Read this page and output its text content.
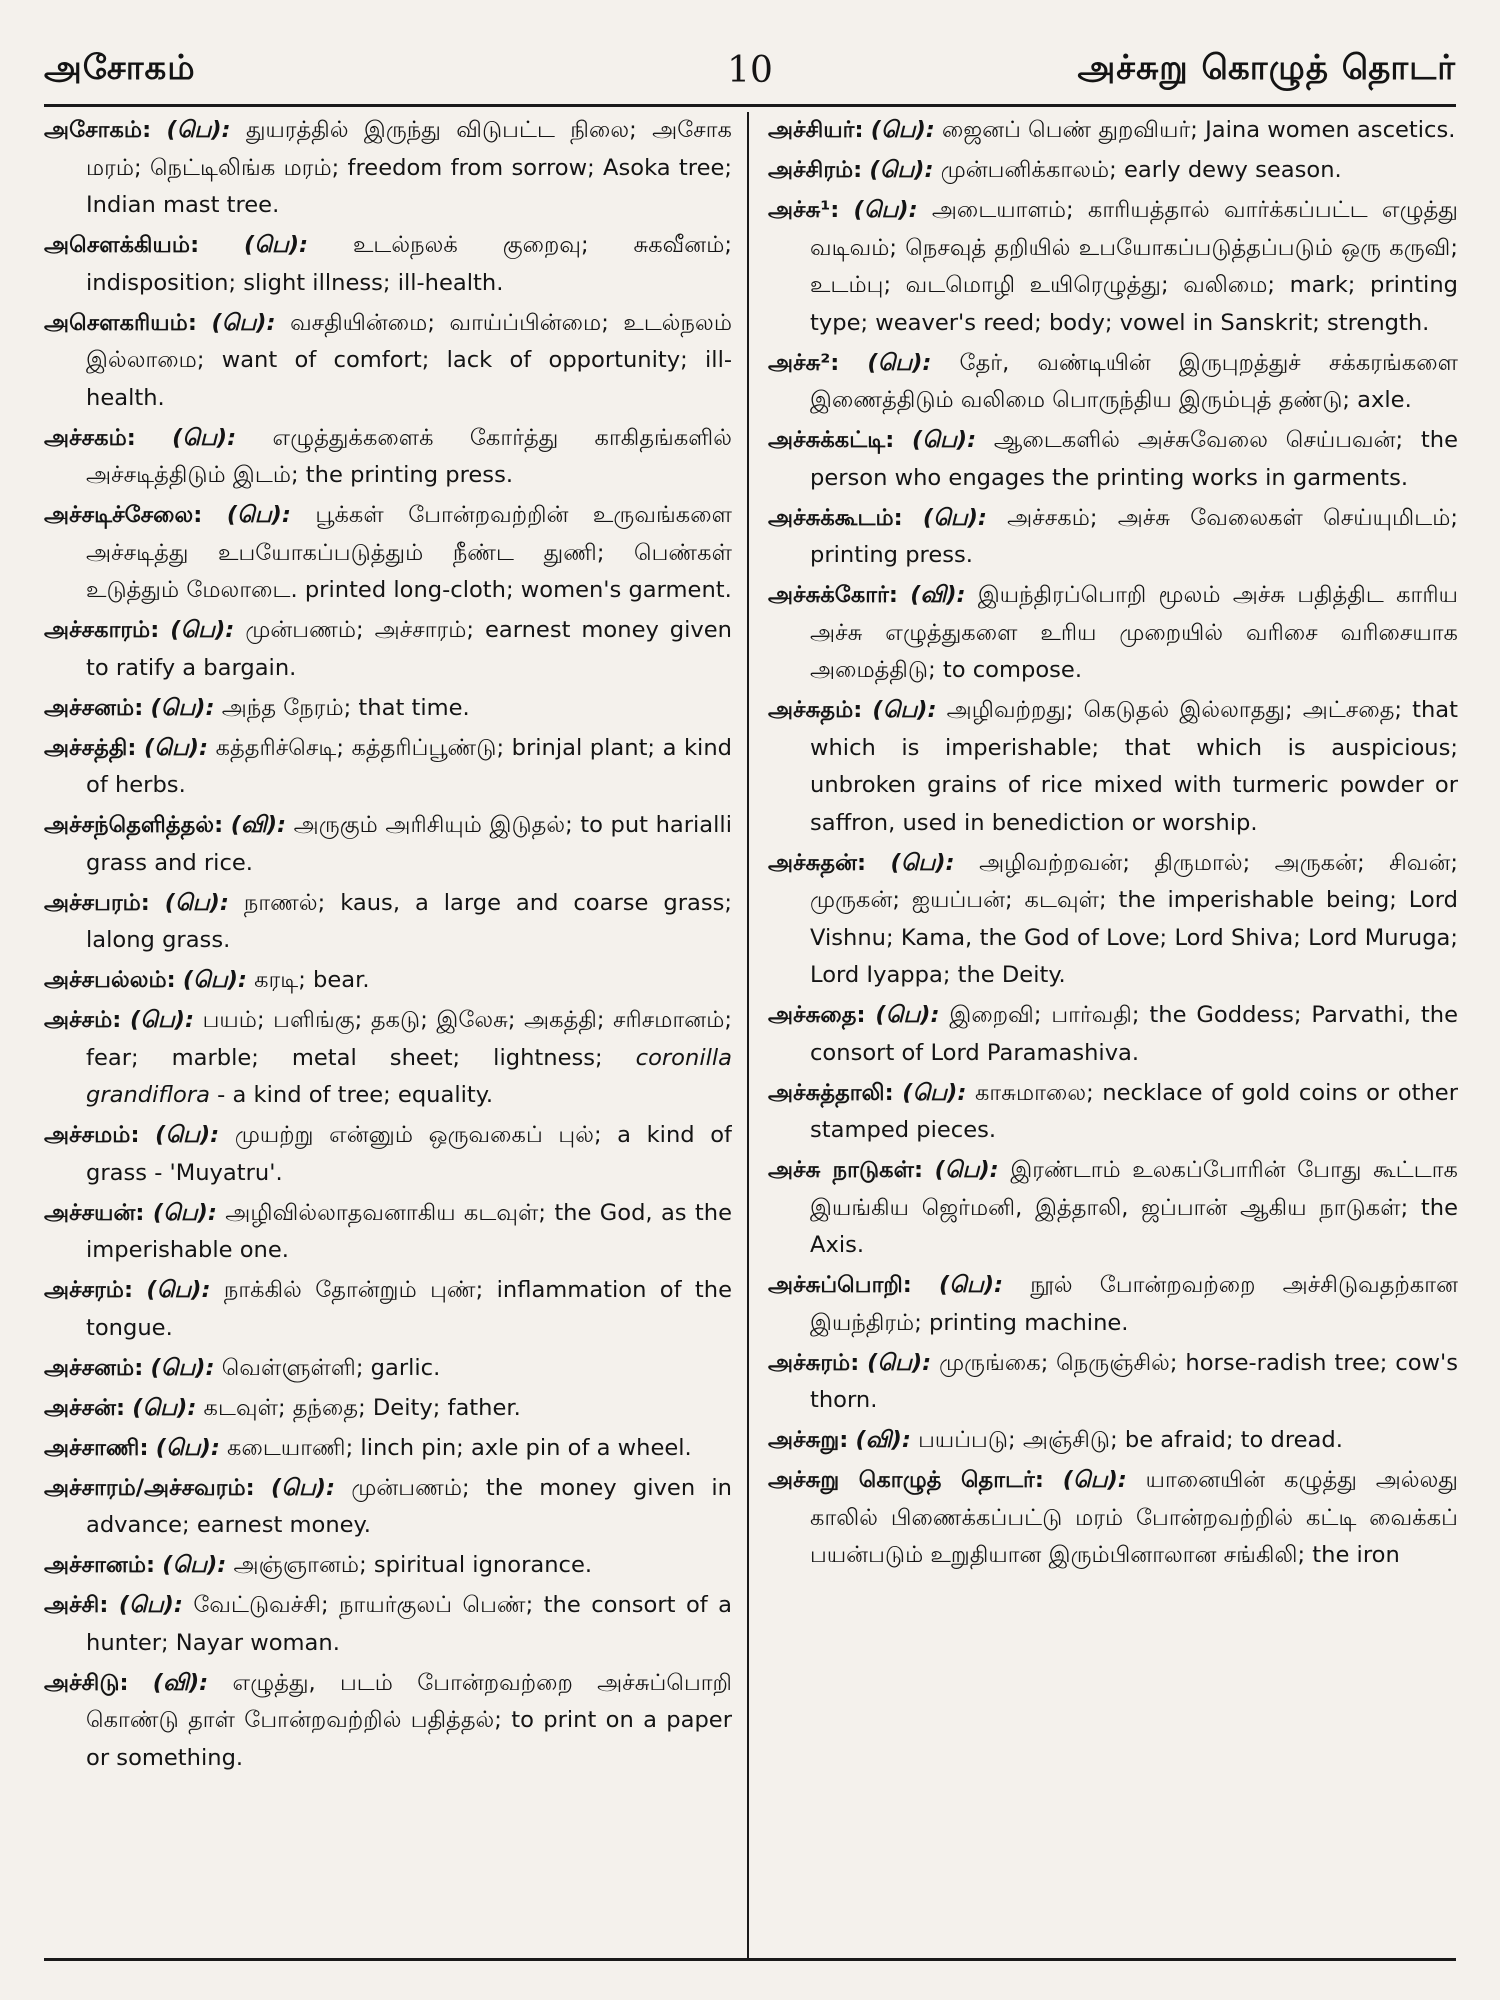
அசோகம்	10	அச்சுறு கொழுத் தொடர்

அசோகம்: (பெ): துயரத்தில் இருந்து விடுபட்ட நிலை; அசோக மரம்; நெட்டிலிங்க மரம்; freedom from sorrow; Asoka tree; Indian mast tree.

அசௌக்கியம்: (பெ): உடல்நலக் குறைவு; சுகவீனம்; indisposition; slight illness; ill-health.

அசௌகரியம்: (பெ): வசதியின்மை; வாய்ப்பின்மை; உடல்நலம் இல்லாமை; want of comfort; lack of opportunity; ill-health.

அச்சகம்: (பெ): எழுத்துக்களைக் கோர்த்து காகிதங்களில் அச்சடித்திடும் இடம்; the printing press.

அச்சடிச்சேலை: (பெ): பூக்கள் போன்றவற்றின் உருவங்களை அச்சடித்து உபயோகப்படுத்தும் நீண்ட துணி; பெண்கள் உடுத்தும் மேலாடை. printed long-cloth; women's garment.

அச்சகாரம்: (பெ): முன்பணம்; அச்சாரம்; earnest money given to ratify a bargain.

அச்சனம்: (பெ): அந்த நேரம்; that time.

அச்சத்தி: (பெ): கத்தரிச்செடி; கத்தரிப்பூண்டு; brinjal plant; a kind of herbs.

அச்சந்தெளித்தல்: (வி): அருகும் அரிசியும் இடுதல்; to put harialli grass and rice.

அச்சபரம்: (பெ): நாணல்; kaus, a large and coarse grass; lalong grass.

அச்சபல்லம்: (பெ): கரடி; bear.

அச்சம்: (பெ): பயம்; பளிங்கு; தகடு; இலேசு; அகத்தி; சரிசமானம்; fear; marble; metal sheet; lightness; coronilla grandiflora - a kind of tree; equality.

அச்சமம்: (பெ): முயற்று என்னும் ஒருவகைப் புல்; a kind of grass - 'Muyatru'.

அச்சயன்: (பெ): அழிவில்லாதவனாகிய கடவுள்; the God, as the imperishable one.

அச்சரம்: (பெ): நாக்கில் தோன்றும் புண்; inflammation of the tongue.

அச்சனம்: (பெ): வெள்ளுள்ளி; garlic.

அச்சன்: (பெ): கடவுள்; தந்தை; Deity; father.

அச்சாணி: (பெ): கடையாணி; linch pin; axle pin of a wheel.

அச்சாரம்/அச்சவரம்: (பெ): முன்பணம்; the money given in advance; earnest money.

அச்சானம்: (பெ): அஞ்ஞானம்; spiritual ignorance.

அச்சி: (பெ): வேட்டுவச்சி; நாயர்குலப் பெண்; the consort of a hunter; Nayar woman.

அச்சிடு: (வி): எழுத்து, படம் போன்றவற்றை அச்சுப்பொறி கொண்டு தாள் போன்றவற்றில் பதித்தல்; to print on a paper or something.

அச்சியர்: (பெ): ஜைனப் பெண் துறவியர்; Jaina women ascetics.

அச்சிரம்: (பெ): முன்பனிக்காலம்; early dewy season.

அச்சு¹: (பெ): அடையாளம்; காரியத்தால் வார்க்கப்பட்ட எழுத்து வடிவம்; நெசவுத் தறியில் உபயோகப்படுத்தப்படும் ஒரு கருவி; உடம்பு; வடமொழி உயிரெழுத்து; வலிமை; mark; printing type; weaver's reed; body; vowel in Sanskrit; strength.

அச்சு²: (பெ): தேர், வண்டியின் இருபுறத்துச் சக்கரங்களை இணைத்திடும் வலிமை பொருந்திய இரும்புத் தண்டு; axle.

அச்சுக்கட்டி: (பெ): ஆடைகளில் அச்சுவேலை செய்பவன்; the person who engages the printing works in garments.

அச்சுக்கூடம்: (பெ): அச்சகம்; அச்சு வேலைகள் செய்யுமிடம்; printing press.

அச்சுக்கோர்: (வி): இயந்திரப்பொறி மூலம் அச்சு பதித்திட காரிய அச்சு எழுத்துகளை உரிய முறையில் வரிசை வரிசையாக அமைத்திடு; to compose.

அச்சுதம்: (பெ): அழிவற்றது; கெடுதல் இல்லாதது; அட்சதை; that which is imperishable; that which is auspicious; unbroken grains of rice mixed with turmeric powder or saffron, used in benediction or worship.

அச்சுதன்: (பெ): அழிவற்றவன்; திருமால்; அருகன்; சிவன்; முருகன்; ஐயப்பன்; கடவுள்; the imperishable being; Lord Vishnu; Kama, the God of Love; Lord Shiva; Lord Muruga; Lord Iyappa; the Deity.

அச்சுதை: (பெ): இறைவி; பார்வதி; the Goddess; Parvathi, the consort of Lord Paramashiva.

அச்சுத்தாலி: (பெ): காசுமாலை; necklace of gold coins or other stamped pieces.

அச்சு நாடுகள்: (பெ): இரண்டாம் உலகப்போரின் போது கூட்டாக இயங்கிய ஜெர்மனி, இத்தாலி, ஜப்பான் ஆகிய நாடுகள்; the Axis.

அச்சுப்பொறி: (பெ): நூல் போன்றவற்றை அச்சிடுவதற்கான இயந்திரம்; printing machine.

அச்சுரம்: (பெ): முருங்கை; நெருஞ்சில்; horse-radish tree; cow's thorn.

அச்சுறு: (வி): பயப்படு; அஞ்சிடு; be afraid; to dread.

அச்சுறு கொழுத் தொடர்: (பெ): யானையின் கழுத்து அல்லது காலில் பிணைக்கப்பட்டு மரம் போன்றவற்றில் கட்டி வைக்கப் பயன்படும் உறுதியான இரும்பினாலான சங்கிலி; the iron
